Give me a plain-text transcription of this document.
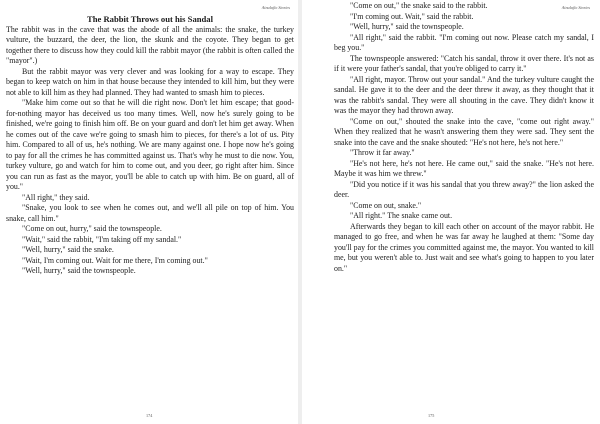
Ainulajlo Stories
The Rabbit Throws out his Sandal

The rabbit was in the cave that was the abode of all the animals: the snake, the turkey vulture, the buzzard, the deer, the lion, the skunk and the coyote. They began to get together there to discuss how they could kill the rabbit mayor (the rabbit is often called the "mayor".)

But the rabbit mayor was very clever and was looking for a way to escape. They began to keep watch on him in that house because they intended to kill him, but they were not able to kill him as they had planned. They had wanted to smash him to pieces.

"Make him come out so that he will die right now. Don't let him escape; that good-for-nothing mayor has deceived us too many times. Well, now he's surely going to be finished, we're going to finish him off. Be on your guard and don't let him get away. When he comes out of the cave we're going to smash him to pieces, for there's a lot of us. Pity him. Compared to all of us, he's nothing. We are many against one. I hope now he's going to pay for all the crimes he has committed against us. That's why he must to die now. You, turkey vulture, go and watch for him to come out, and you deer, go right after him. Since you can run as fast as the mayor, you'll be able to catch up with him. Be on guard, all of you."

"All right," they said.

"Snake, you look to see when he comes out, and we'll all pile on top of him. You snake, call him."

"Come on out, hurry," said the townspeople.

"Wait," said the rabbit, "I'm taking off my sandal."

"Well, hurry," said the snake.

"Wait, I'm coming out. Wait for me there, I'm coming out."

"Well, hurry," said the townspeople.

174
Ainulajlo Stories

"Come on out," the snake said to the rabbit.

"I'm coming out. Wait," said the rabbit.

"Well, hurry," said the townspeople.

"All right," said the rabbit. "I'm coming out now. Please catch my sandal, I beg you."

The townspeople answered: "Catch his sandal, throw it over there. It's not as if it were your father's sandal, that you're obliged to carry it."

"All right, mayor. Throw out your sandal." And the turkey vulture caught the sandal. He gave it to the deer and the deer threw it away, as they thought that it was the rabbit's sandal. They were all shouting in the cave. They didn't know it was the mayor they had thrown away.

"Come on out," shouted the snake into the cave, "come out right away." When they realized that he wasn't answering them they were sad. They sent the snake into the cave and the snake shouted: "He's not here, he's not here."

"Throw it far away."

"He's not here, he's not here. He came out," said the snake. "He's not here. Maybe it was him we threw."

"Did you notice if it was his sandal that you threw away?" the lion asked the deer.

"Come on out, snake."

"All right." The snake came out.

Afterwards they began to kill each other on account of the mayor rabbit. He managed to go free, and when he was far away he laughed at them: "Some day you'll pay for the crimes you committed against me, the mayor. You wanted to kill me, but you weren't able to. Just wait and see what's going to happen to you later on."

175
